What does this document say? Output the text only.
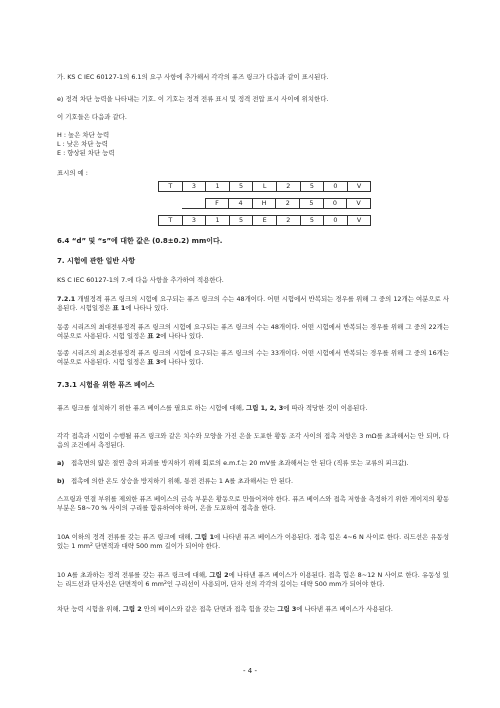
가. KS C IEC 60127-1의 6.1의 요구 사항에 추가해서 각각의 퓨즈 링크가 다음과 같이 표시된다.
e) 정격 차단 능력을 나타내는 기호. 이 기호는 정격 전류 표시 및 정격 전압 표시 사이에 위치한다.
이 기호들은 다음과 같다.
H : 높은 차단 능력
L : 낮은 차단 능력
E : 향상된 차단 능력
표시의 예 :
T	3	1	5	L	2	5	0	V
		F	4	H	2	5	0	V
T	3	1	5	E	2	5	0	V
6.4 “d” 및 “s”에 대한 값은 (0.8±0.2) mm이다.
7. 시험에 관한 일반 사항
KS C IEC 60127-1의 7.에 다음 사항을 추가하여 적용한다.
7.2.1 개별정격 퓨즈 링크의 시험에 요구되는 퓨즈 링크의 수는 48개이다. 어떤 시험에서 반복되는 경우를 위해 그 중의 12개는 여분으로 사용된다. 시험일정은 표 1에 나타나 있다.
동종 시리즈의 최대전류정격 퓨즈 링크의 시험에 요구되는 퓨즈 링크의 수는 48개이다. 어떤 시험에서 반복되는 경우를 위해 그 중의 22개는 여분으로 사용된다. 시험 일정은 표 2에 나타나 있다.
동종 시리즈의 최소전류정격 퓨즈 링크의 시험에 요구되는 퓨즈 링크의 수는 33개이다. 어떤 시험에서 반복되는 경우를 위해 그 중의 16개는 여분으로 사용된다. 시험 일정은 표 3에 나타나 있다.
7.3.1 시험을 위한 퓨즈 베이스
퓨즈 링크를 설치하기 위한 퓨즈 베이스를 필요로 하는 시험에 대해, 그림 1, 2, 3에 따라 적당한 것이 이용된다.
각각 접촉과 시험이 수행될 퓨즈 링크와 같은 치수와 모양을 가진 은을 도포한 황동 조각 사이의 접촉 저항은 3 mΩ를 초과해서는 안 되며, 다음의 조건에서 측정된다.
a) 접촉면의 얇은 절연 층의 파괴를 방지하기 위해 회로의 e.m.f.는 20 mV를 초과해서는 안 된다 (직류 또는 교류의 피크값).
b) 접촉에 의한 온도 상승을 방지하기 위해, 통전 전류는 1 A를 초과해서는 안 된다.
스프링과 연결 부위를 제외한 퓨즈 베이스의 금속 부분은 황동으로 만들어져야 한다. 퓨즈 베이스와 접촉 저항을 측정하기 위한 게이지의 황동 부분은 58~70 % 사이의 구리를 함유하여야 하며, 은을 도포하여 접촉을 한다.
10A 이하의 정격 전류를 갖는 퓨즈 링크에 대해, 그림 1에 나타낸 퓨즈 베이스가 이용된다. 접촉 힘은 4~6 N 사이로 한다. 리드선은 유동성 있는 1 $mm^2$ 단면적과 대략 500 mm 길이가 되어야 한다.
10 A를 초과하는 정격 전류를 갖는 퓨즈 링크에 대해, 그림 2에 나타낸 퓨즈 베이스가 이용된다. 접촉 힘은 8~12 N 사이로 한다. 유동성 있는 리드선과 단자선은 단면적이 6 $mm^2$인 구리선이 사용되며, 단자 선의 각각의 길이는 대략 500 mm가 되어야 한다.
차단 능력 시험을 위해, 그림 2 안의 베이스와 같은 접촉 단면과 접촉 힘을 갖는 그림 3에 나타낸 퓨즈 베이스가 사용된다.
- 4 -
